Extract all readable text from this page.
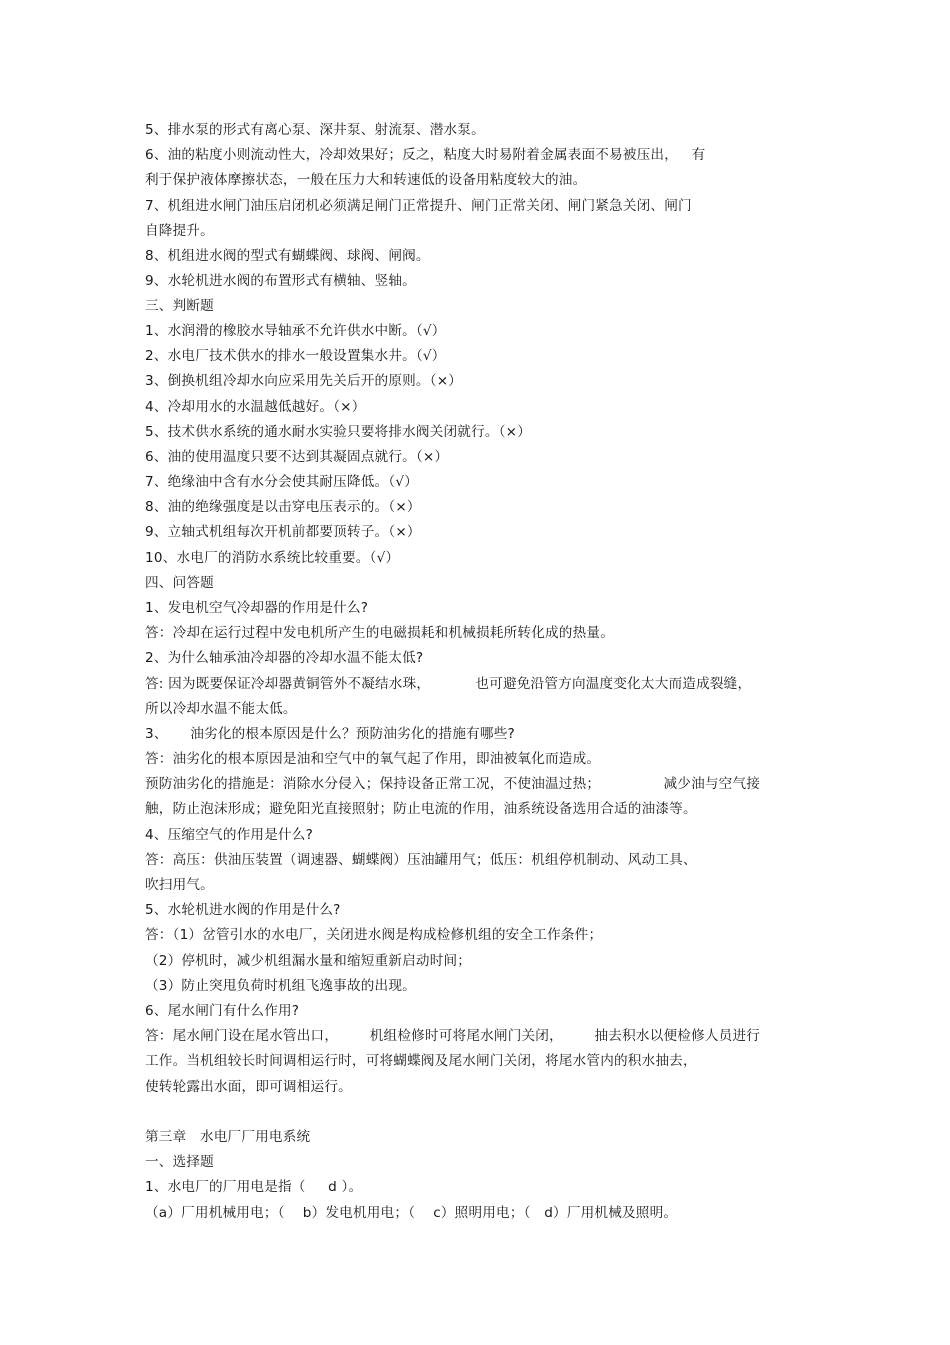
5、排水泵的形式有离心泵、深井泵、射流泵、潜水泵。
6、油的粘度小则流动性大，冷却效果好；反之，粘度大时易附着金属表面不易被压出，   有
利于保护液体摩擦状态，一般在压力大和转速低的设备用粘度较大的油。
7、机组进水闸门油压启闭机必须满足闸门正常提升、闸门正常关闭、闸门紧急关闭、闸门
自降提升。
8、机组进水阀的型式有蝴蝶阀、球阀、闸阀。
9、水轮机进水阀的布置形式有横轴、竖轴。
三、判断题
1、水润滑的橡胶水导轴承不允许供水中断。（√）
2、水电厂技术供水的排水一般设置集水井。（√）
3、倒换机组冷却水向应采用先关后开的原则。（×）
4、冷却用水的水温越低越好。（×）
5、技术供水系统的通水耐水实验只要将排水阀关闭就行。（×）
6、油的使用温度只要不达到其凝固点就行。（×）
7、绝缘油中含有水分会使其耐压降低。（√）
8、油的绝缘强度是以击穿电压表示的。（×）
9、立轴式机组每次开机前都要顶转子。（×）
10、水电厂的消防水系统比较重要。（√）
四、问答题
1、发电机空气冷却器的作用是什么?
答：冷却在运行过程中发电机所产生的电磁损耗和机械损耗所转化成的热量。
2、为什么轴承油冷却器的冷却水温不能太低?
答: 因为既要保证冷却器黄铜管外不凝结水珠，          也可避免沿管方向温度变化太大而造成裂缝，
所以冷却水温不能太低。
3、     油劣化的根本原因是什么？预防油劣化的措施有哪些?
答：油劣化的根本原因是油和空气中的氧气起了作用，即油被氧化而造成。
预防油劣化的措施是：消除水分侵入；保持设备正常工况，不使油温过热；              减少油与空气接
触，防止泡沫形成；避免阳光直接照射；防止电流的作用，油系统设备选用合适的油漆等。
4、压缩空气的作用是什么?
答：高压：供油压装置（调速器、蝴蝶阀）压油罐用气；低压：机组停机制动、风动工具、
吹扫用气。
5、水轮机进水阀的作用是什么?
答：（1）岔管引水的水电厂，关闭进水阀是构成检修机组的安全工作条件；
（2）停机时，减少机组漏水量和缩短重新启动时间；
（3）防止突甩负荷时机组飞逸事故的出现。
6、尾水闸门有什么作用?
答：尾水闸门设在尾水管出口，       机组检修时可将尾水闸门关闭，       抽去积水以便检修人员进行
工作。当机组较长时间调相运行时，可将蝴蝶阀及尾水闸门关闭，将尾水管内的积水抽去，
使转轮露出水面，即可调相运行。
第三章   水电厂厂用电系统
一、选择题
1、水电厂的厂用电是指（     d ）。
（a）厂用机械用电；（    b）发电机用电；（    c）照明用电；（   d）厂用机械及照明。
